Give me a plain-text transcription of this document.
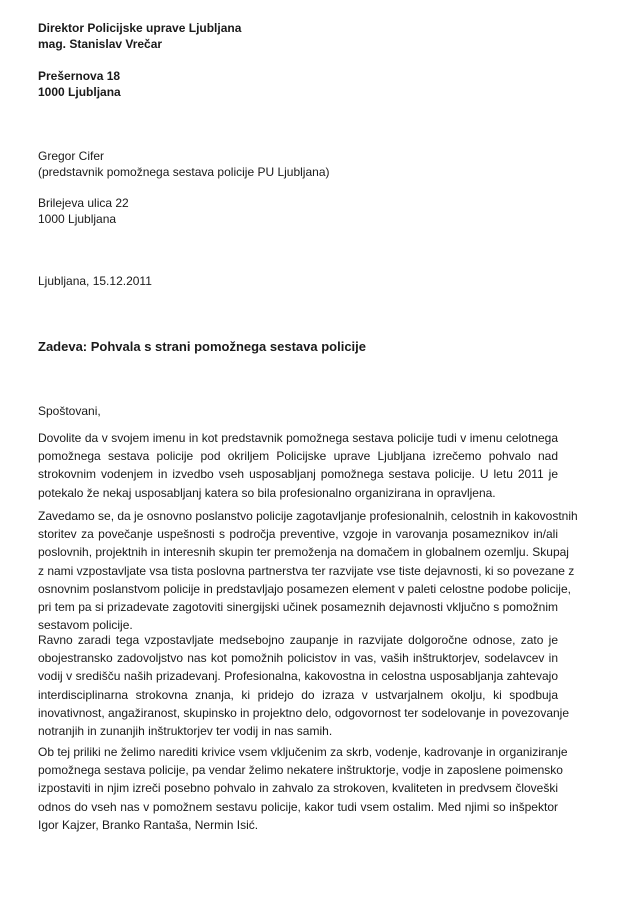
Direktor Policijske uprave Ljubljana
mag. Stanislav Vrečar
Prešernova 18
1000 Ljubljana
Gregor Cifer
(predstavnik pomožnega sestava policije PU Ljubljana)
Brilejeva ulica 22
1000 Ljubljana
Ljubljana, 15.12.2011
Zadeva: Pohvala s strani pomožnega sestava policije
Spoštovani,
Dovolite da v svojem imenu in kot predstavnik pomožnega sestava policije tudi v imenu celotnega
pomožnega sestava policije pod okriljem Policijske uprave Ljubljana izrečemo pohvalo nad
strokovnim vodenjem in izvedbo vseh usposabljanj pomožnega sestava policije. U letu 2011 je
potekalo že nekaj usposabljanj katera so bila profesionalno organizirana in opravljena.
Zavedamo se, da je osnovno poslanstvo policije zagotavljanje profesionalnih, celostnih in kakovostnih
storitev za povečanje uspešnosti s področja preventive, vzgoje in varovanja posameznikov in/ali
poslovnih, projektnih in interesnih skupin ter premoženja na domačem in globalnem ozemlju. Skupaj
z nami vzpostavljate vsa tista poslovna partnerstva ter razvijate vse tiste dejavnosti, ki so povezane z
osnovnim poslanstvom policije in predstavljajo posamezen element v paleti celostne podobe policije,
pri tem pa si prizadevate zagotoviti sinergijski učinek posameznih dejavnosti vključno s pomožnim
sestavom policije.
Ravno zaradi tega vzpostavljate medsebojno zaupanje in razvijate dolgoročne odnose, zato je
obojestransko zadovoljstvo nas kot pomožnih policistov in vas, vaših inštruktorjev, sodelavcev in
vodij v središču naših prizadevanj. Profesionalna, kakovostna in celostna usposabljanja zahtevajo
interdisciplinarna strokovna znanja, ki pridejo do izraza v ustvarjalnem okolju, ki spodbuja
inovativnost, angažiranost, skupinsko in projektno delo, odgovornost ter sodelovanje in povezovanje
notranjih in zunanjih inštruktorjev ter vodij in nas samih.
Ob tej priliki ne želimo narediti krivice vsem vključenim za skrb, vodenje, kadrovanje in organiziranje
pomožnega sestava policije, pa vendar želimo nekatere inštruktorje, vodje in zaposlene poimensko
izpostaviti in njim izreči posebno pohvalo in zahvalo za strokoven, kvaliteten in predvsem človeški
odnos do vseh nas v pomožnem sestavu policije, kakor tudi vsem ostalim. Med njimi so inšpektor
Igor Kajzer, Branko Rantaša, Nermin Isić.
